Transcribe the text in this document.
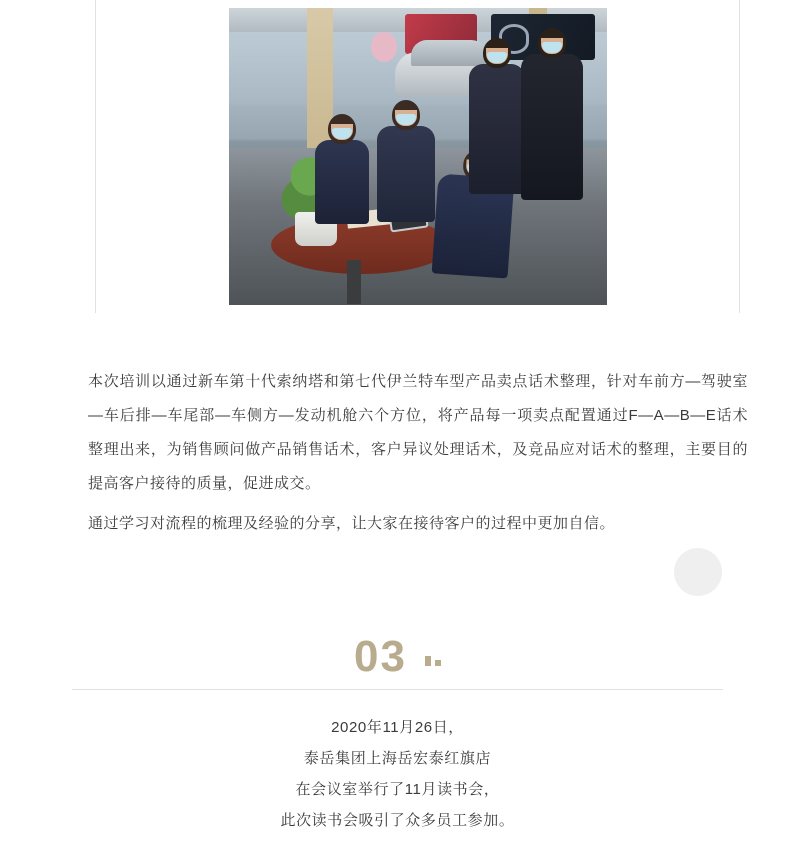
本次培训以通过新车第十代索纳塔和第七代伊兰特车型产品卖点话术整理，针对车前方—驾驶室—车后排—车尾部—车侧方—发动机舱六个方位，将产品每一项卖点配置通过F—A—B—E话术整理出来，为销售顾问做产品销售话术，客户异议处理话术，及竞品应对话术的整理，主要目的提高客户接待的质量，促进成交。

通过学习对流程的梳理及经验的分享，让大家在接待客户的过程中更加自信。

03
2020年11月26日，
泰岳集团上海岳宏泰红旗店
在会议室举行了11月读书会，
此次读书会吸引了众多员工参加。
